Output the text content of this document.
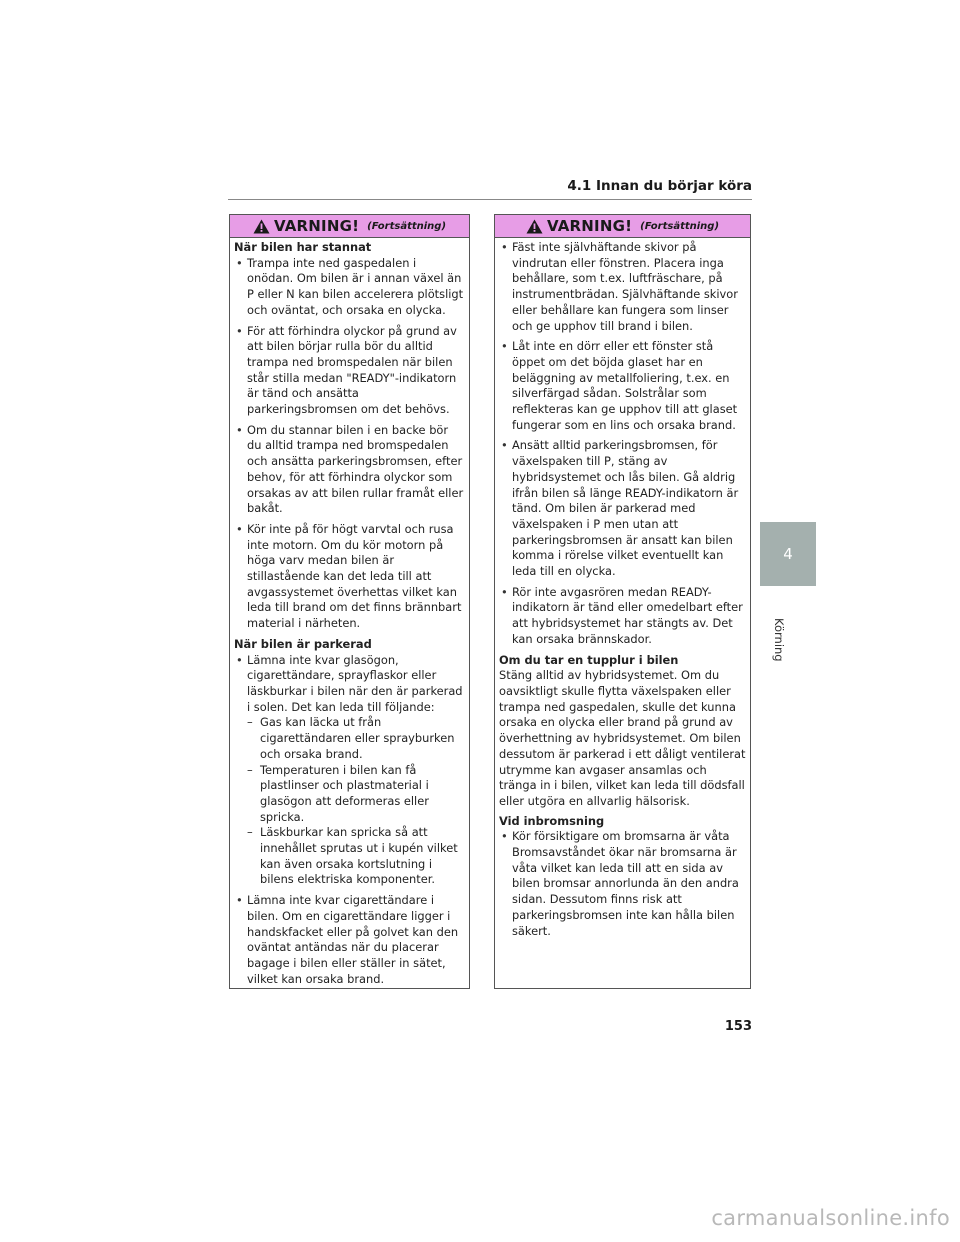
4.1 Innan du börjar köra
VARNING! (Fortsättning)
När bilen har stannat
• Trampa inte ned gaspedalen i onödan. Om bilen är i annan växel än P eller N kan bilen accelerera plötsligt och oväntat, och orsaka en olycka.
• För att förhindra olyckor på grund av att bilen börjar rulla bör du alltid trampa ned bromspedalen när bilen står stilla medan "READY"-indikatorn är tänd och ansätta parkeringsbromsen om det behövs.
• Om du stannar bilen i en backe bör du alltid trampa ned bromspedalen och ansätta parkeringsbromsen, efter behov, för att förhindra olyckor som orsakas av att bilen rullar framåt eller bakåt.
• Kör inte på för högt varvtal och rusa inte motorn. Om du kör motorn på höga varv medan bilen är stillastående kan det leda till att avgassystemet överhettas vilket kan leda till brand om det finns brännbart material i närheten.
När bilen är parkerad
• Lämna inte kvar glasögon, cigarettändare, sprayflaskor eller läskburkar i bilen när den är parkerad i solen. Det kan leda till följande:
– Gas kan läcka ut från cigarettändaren eller sprayburken och orsaka brand.
– Temperaturen i bilen kan få plastlinser och plastmaterial i glasögon att deformeras eller spricka.
– Läskburkar kan spricka så att innehållet sprutas ut i kupén vilket kan även orsaka kortslutning i bilens elektriska komponenter.
• Lämna inte kvar cigarettändare i bilen. Om en cigarettändare ligger i handskfacket eller på golvet kan den oväntat antändas när du placerar bagage i bilen eller ställer in sätet, vilket kan orsaka brand.
VARNING! (Fortsättning)
• Fäst inte självhäftande skivor på vindrutan eller fönstren. Placera inga behållare, som t.ex. luftfräschare, på instrumentbrädan. Självhäftande skivor eller behållare kan fungera som linser och ge upphov till brand i bilen.
• Låt inte en dörr eller ett fönster stå öppet om det böjda glaset har en beläggning av metallfoliering, t.ex. en silverfärgad sådan. Solstrålar som reflekteras kan ge upphov till att glaset fungerar som en lins och orsaka brand.
• Ansätt alltid parkeringsbromsen, för växelspaken till P, stäng av hybridsystemet och lås bilen. Gå aldrig ifrån bilen så länge READY-indikatorn är tänd. Om bilen är parkerad med växelspaken i P men utan att parkeringsbromsen är ansatt kan bilen komma i rörelse vilket eventuellt kan leda till en olycka.
• Rör inte avgasrören medan READY-indikatorn är tänd eller omedelbart efter att hybridsystemet har stängts av. Det kan orsaka brännskador.
Om du tar en tupplur i bilen

Stäng alltid av hybridsystemet. Om du oavsiktligt skulle flytta växelspaken eller trampa ned gaspedalen, skulle det kunna orsaka en olycka eller brand på grund av överhettning av hybridsystemet. Om bilen dessutom är parkerad i ett dåligt ventilerat utrymme kan avgaser ansamlas och tränga in i bilen, vilket kan leda till dödsfall eller utgöra en allvarlig hälsorisk.

Vid inbromsning
• Kör försiktigare om bromsarna är våta Bromsavståndet ökar när bromsarna är våta vilket kan leda till att en sida av bilen bromsar annorlunda än den andra sidan. Dessutom finns risk att parkeringsbromsen inte kan hålla bilen säkert.
4
Körning
153
carmanualsonline.info
